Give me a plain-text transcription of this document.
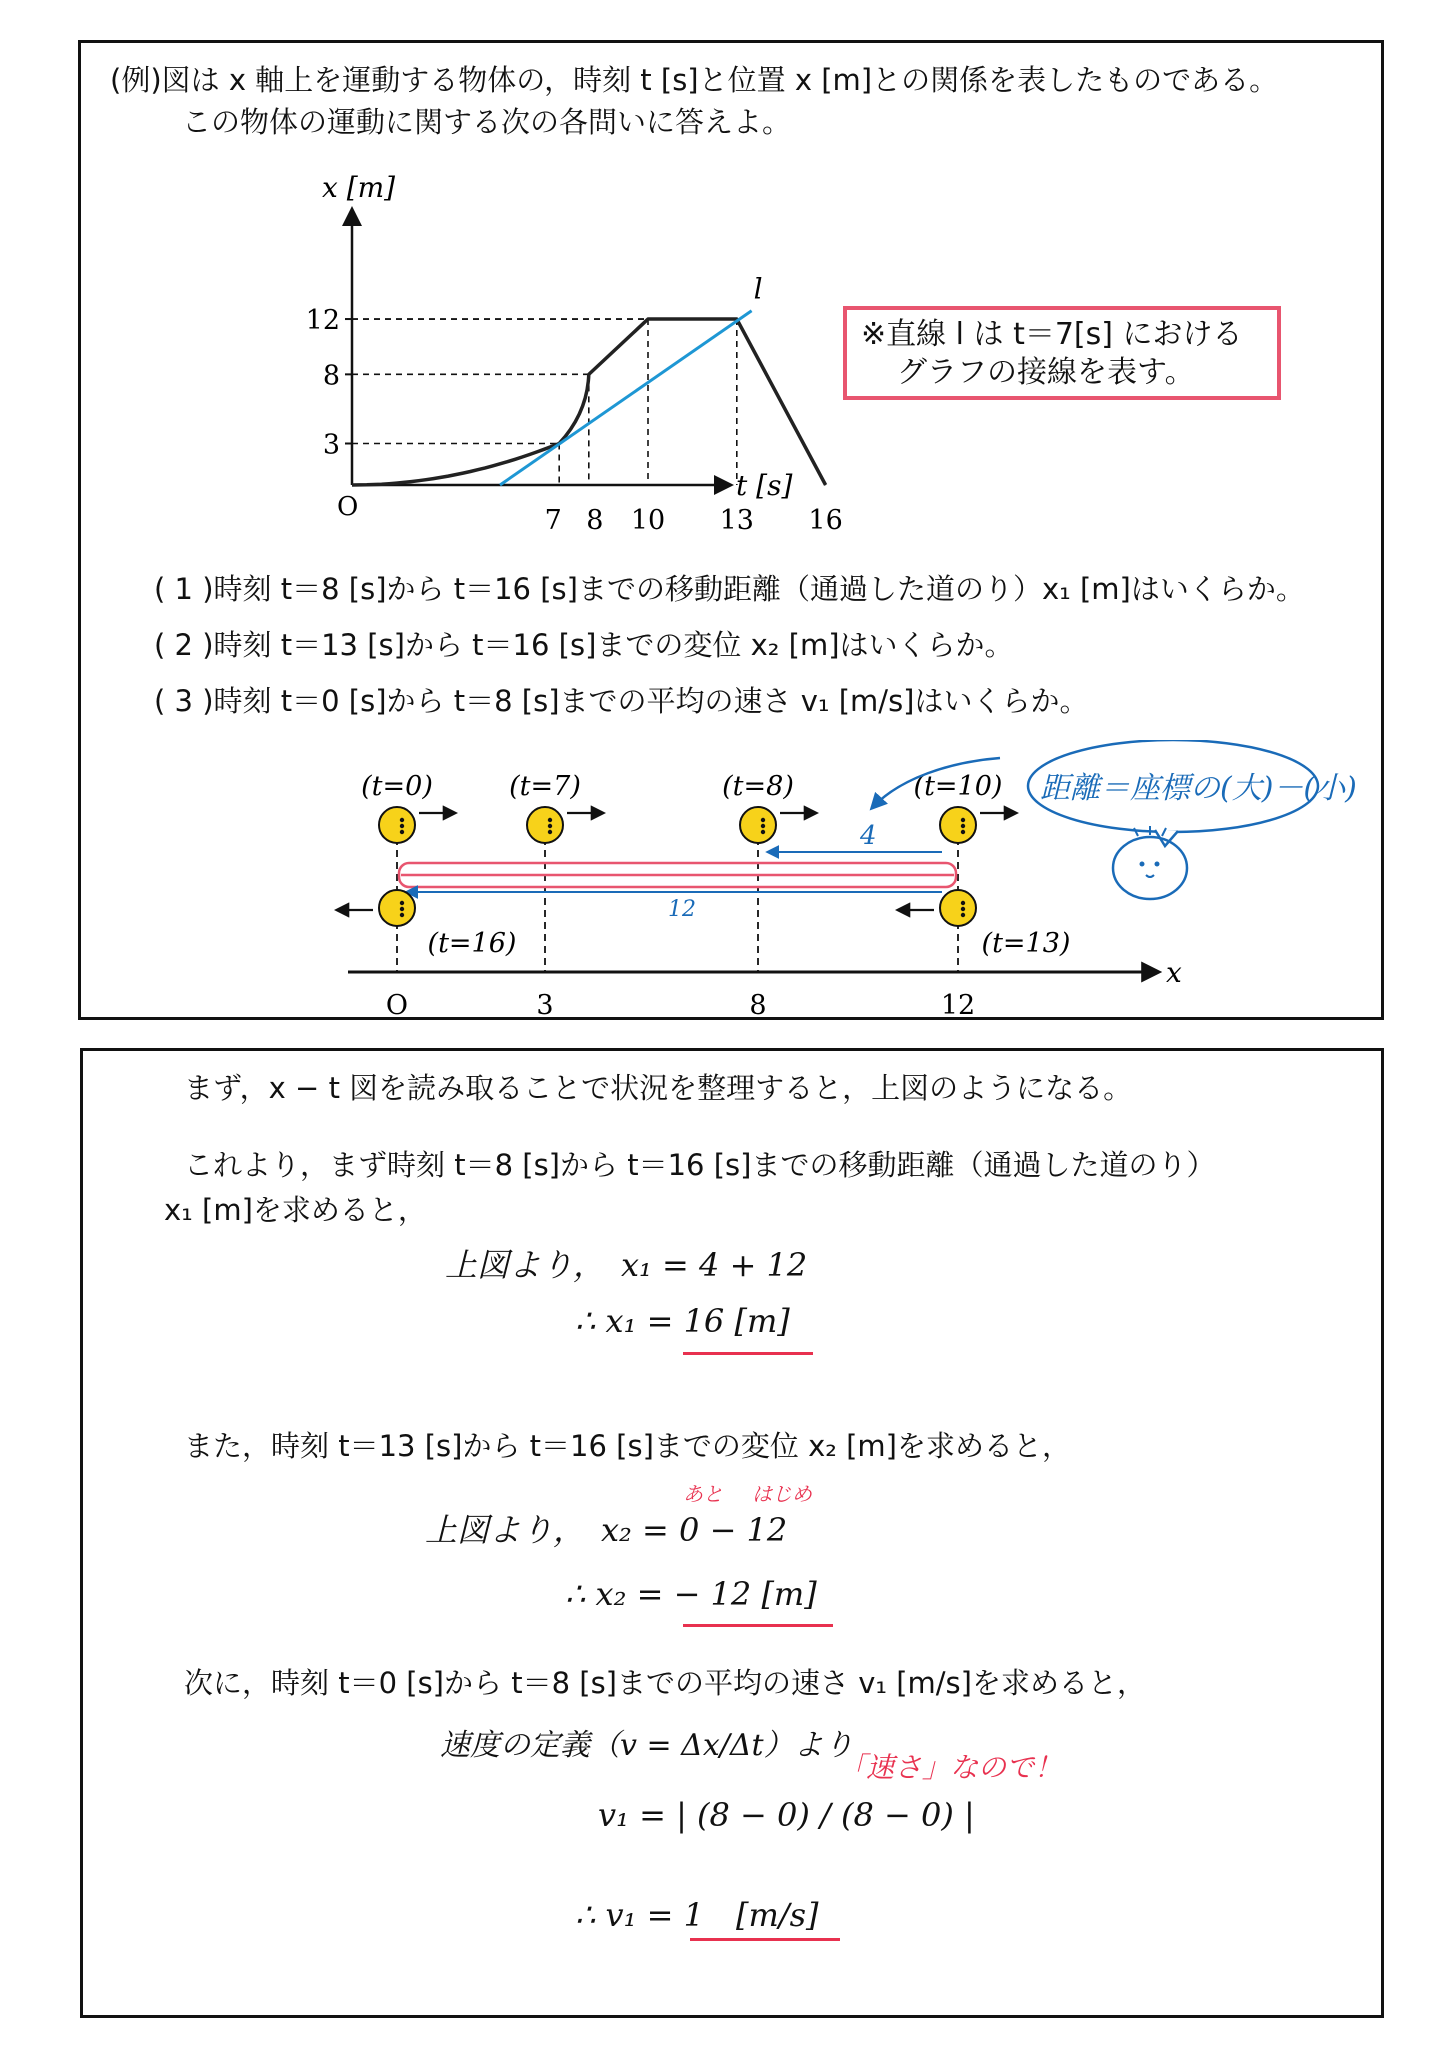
(例)図は x 軸上を運動する物体の，時刻 t [s]と位置 x [m]との関係を表したものである。
この物体の運動に関する次の各問いに答えよ。
x [m]
t [s]
O
3
8
12
7 8 10 13 16
l
※直線 l は t＝7[s] における
グラフの接線を表す。
( 1 )時刻 t＝8 [s]から t＝16 [s]までの移動距離（通過した道のり）x₁ [m]はいくらか。
( 2 )時刻 t＝13 [s]から t＝16 [s]までの変位 x₂ [m]はいくらか。
( 3 )時刻 t＝0 [s]から t＝8 [s]までの平均の速さ v₁ [m/s]はいくらか。
4
12
(t=0)	(t=7)	(t=8)	(t=10)
(t=13)
(t=16)
x
O	3	8	12
距離＝座標の(大)－(小)
まず，x − t 図を読み取ることで状況を整理すると，上図のようになる。
これより，まず時刻 t＝8 [s]から t＝16 [s]までの移動距離（通過した道のり）
x₁ [m]を求めると，
上図より，　x₁ = 4 + 12
∴ x₁ = 16 [m]
また，時刻 t＝13 [s]から t＝16 [s]までの変位 x₂ [m]を求めると，
あと はじめ
上図より，　x₂ = 0 − 12
∴ x₂ = − 12 [m]
次に，時刻 t＝0 [s]から t＝8 [s]までの平均の速さ v₁ [m/s]を求めると，
速度の定義（v = Δx/Δt）より
「速さ」なので！
v₁ = | (8 − 0) / (8 − 0) |
∴ v₁ = 1　[m/s]
